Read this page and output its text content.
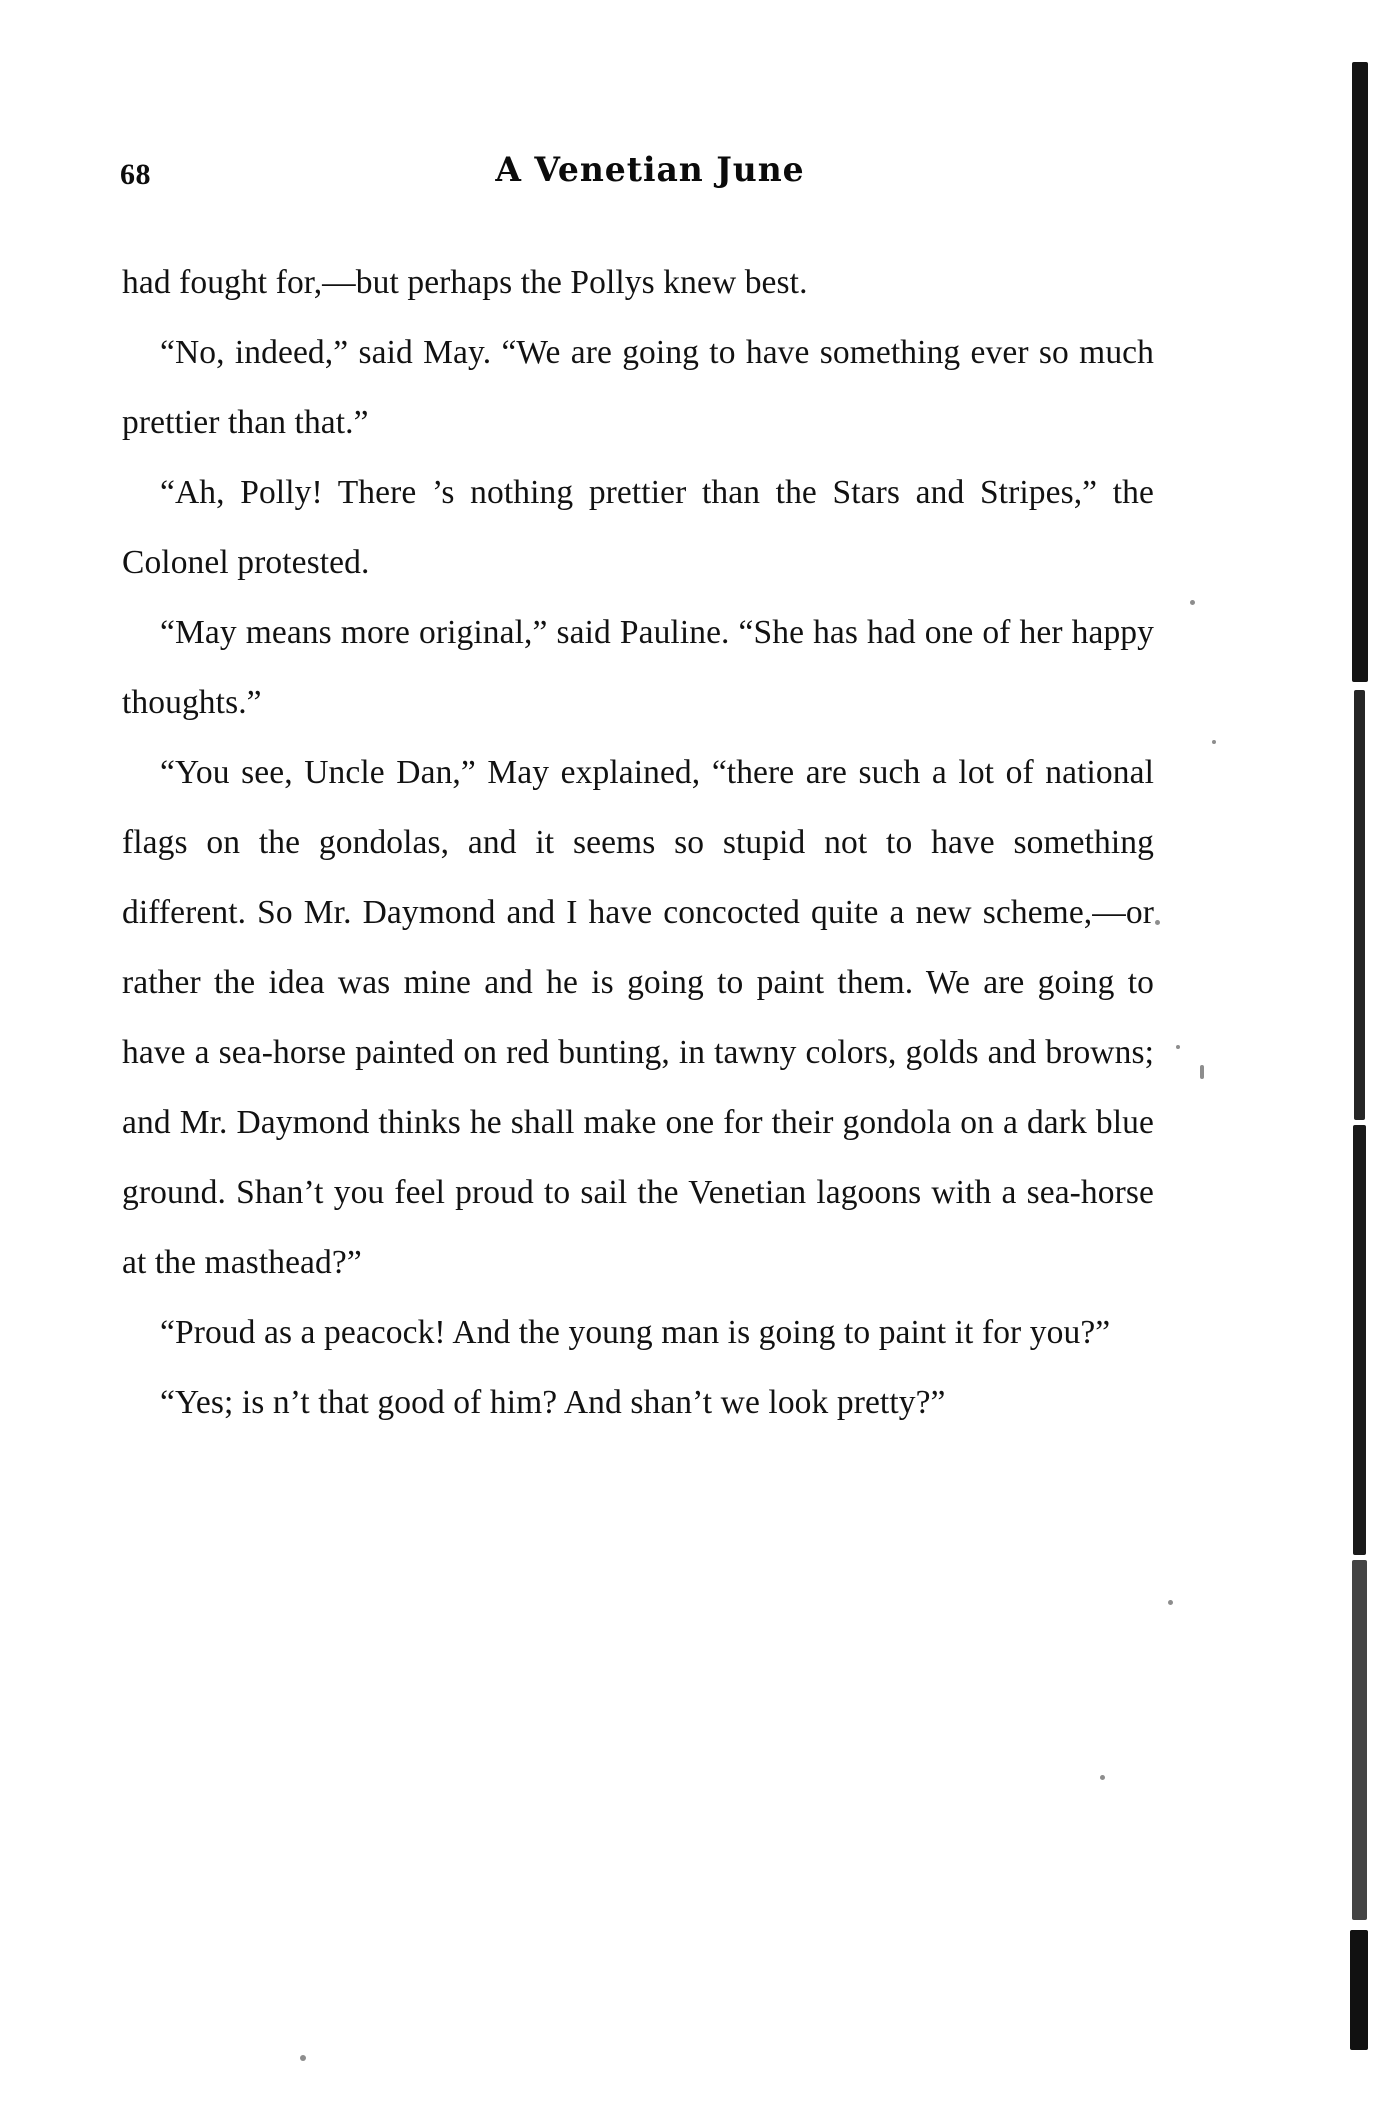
68	A Venetian June

had fought for,—but perhaps the Pollys knew best.

“No, indeed,” said May. “We are going to have something ever so much prettier than that.”

“Ah, Polly! There ’s nothing prettier than the Stars and Stripes,” the Colonel protested.

“May means more original,” said Pauline. “She has had one of her happy thoughts.”

“You see, Uncle Dan,” May explained, “there are such a lot of national flags on the gondolas, and it seems so stupid not to have something different. So Mr. Daymond and I have concocted quite a new scheme,—or rather the idea was mine and he is going to paint them. We are going to have a sea-horse painted on red bunting, in tawny colors, golds and browns; and Mr. Daymond thinks he shall make one for their gondola on a dark blue ground. Shan’t you feel proud to sail the Venetian lagoons with a sea-horse at the masthead?”

“Proud as a peacock! And the young man is going to paint it for you?”

“Yes; is n’t that good of him? And shan’t we look pretty?”
